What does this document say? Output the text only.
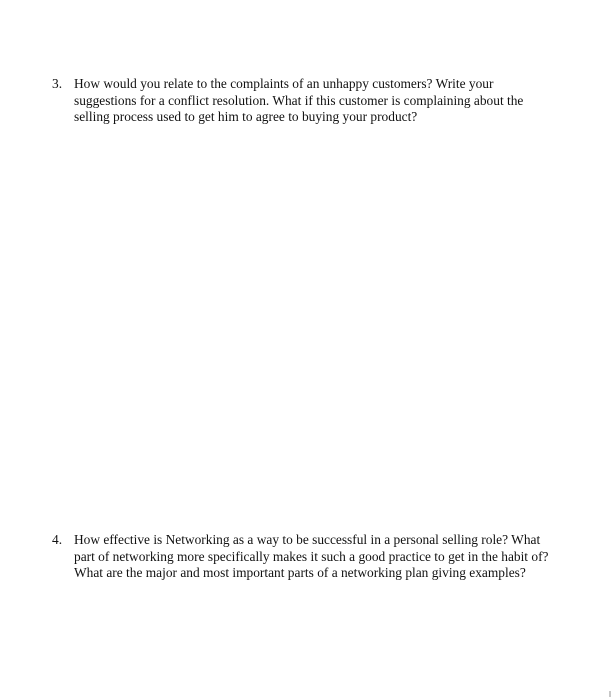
3. How would you relate to the complaints of an unhappy customers? Write your
suggestions for a conflict resolution. What if this customer is complaining about the
selling process used to get him to agree to buying your product?
4. How effective is Networking as a way to be successful in a personal selling role? What
part of networking more specifically makes it such a good practice to get in the habit of?
What are the major and most important parts of a networking plan giving examples?
